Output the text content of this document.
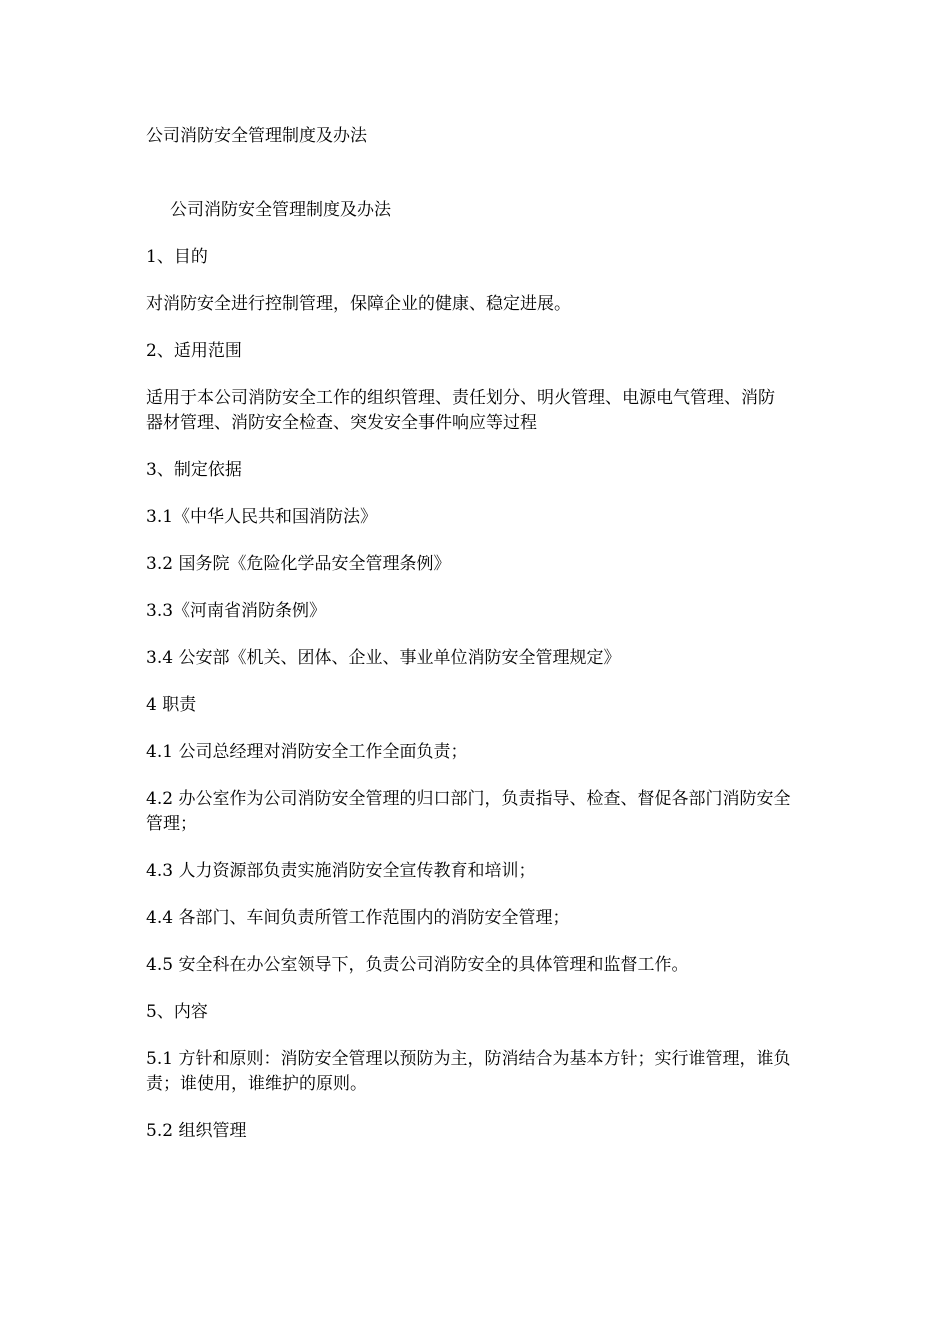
公司消防安全管理制度及办法

公司消防安全管理制度及办法

1、目的

对消防安全进行控制管理，保障企业的健康、稳定进展。

2、适用范围

适用于本公司消防安全工作的组织管理、责任划分、明火管理、电源电气管理、消防器材管理、消防安全检查、突发安全事件响应等过程

3、制定依据

3.1《中华人民共和国消防法》

3.2 国务院《危险化学品安全管理条例》

3.3《河南省消防条例》

3.4 公安部《机关、团体、企业、事业单位消防安全管理规定》

4 职责

4.1 公司总经理对消防安全工作全面负责；

4.2 办公室作为公司消防安全管理的归口部门，负责指导、检查、督促各部门消防安全管理；

4.3 人力资源部负责实施消防安全宣传教育和培训；

4.4 各部门、车间负责所管工作范围内的消防安全管理；

4.5 安全科在办公室领导下，负责公司消防安全的具体管理和监督工作。

5、内容

5.1 方针和原则：消防安全管理以预防为主，防消结合为基本方针；实行谁管理，谁负责；谁使用，谁维护的原则。

5.2 组织管理
